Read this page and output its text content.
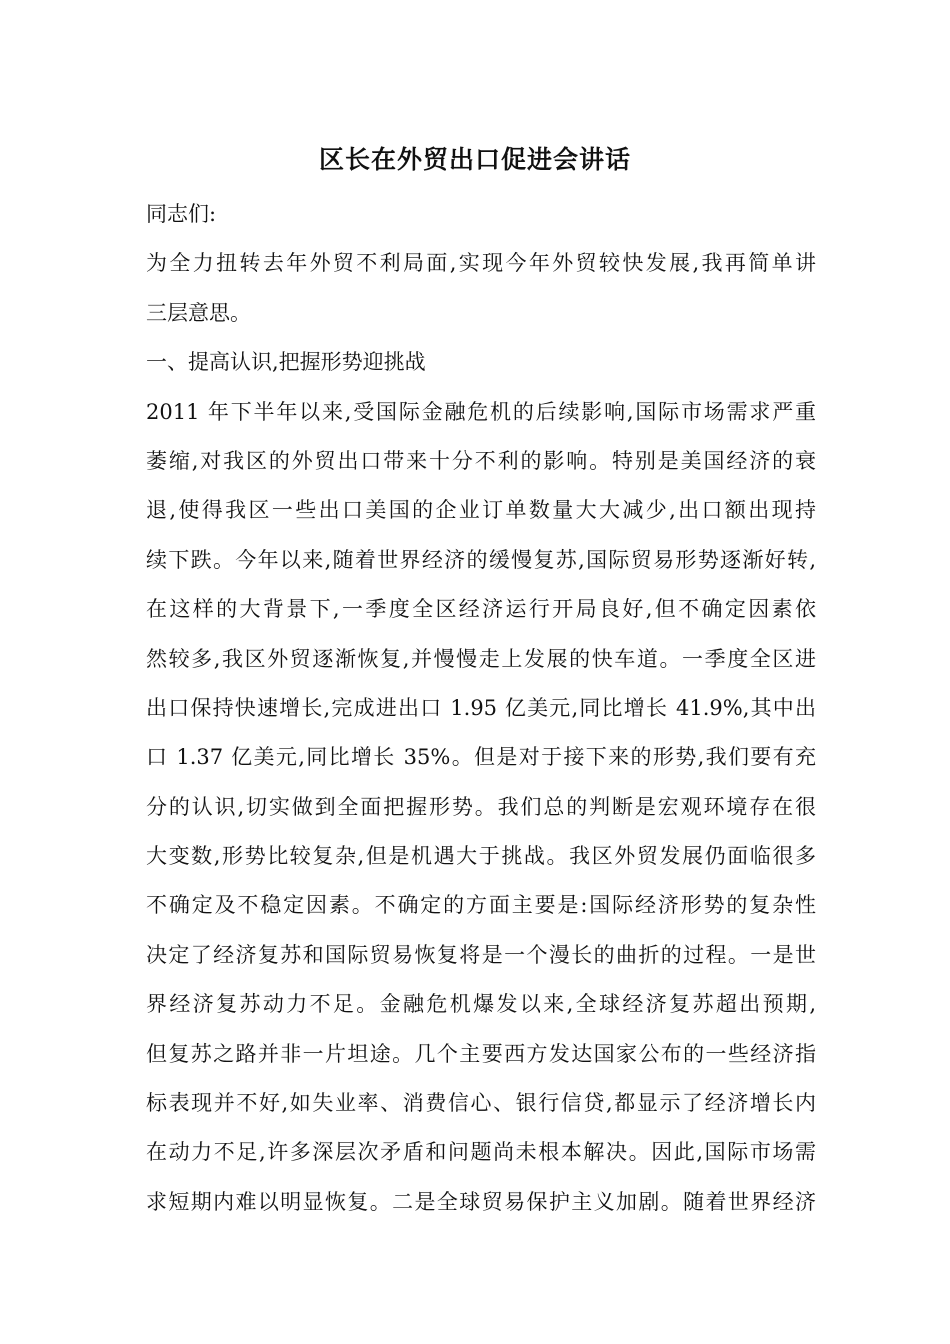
区长在外贸出口促进会讲话
同志们:
为全力扭转去年外贸不利局面,实现今年外贸较快发展,我再简单讲
三层意思。
一、提高认识,把握形势迎挑战
2011 年下半年以来,受国际金融危机的后续影响,国际市场需求严重
萎缩,对我区的外贸出口带来十分不利的影响。特别是美国经济的衰
退,使得我区一些出口美国的企业订单数量大大减少,出口额出现持
续下跌。今年以来,随着世界经济的缓慢复苏,国际贸易形势逐渐好转,
在这样的大背景下,一季度全区经济运行开局良好,但不确定因素依
然较多,我区外贸逐渐恢复,并慢慢走上发展的快车道。一季度全区进
出口保持快速增长,完成进出口 1.95 亿美元,同比增长 41.9%,其中出
口 1.37 亿美元,同比增长 35%。但是对于接下来的形势,我们要有充
分的认识,切实做到全面把握形势。我们总的判断是宏观环境存在很
大变数,形势比较复杂,但是机遇大于挑战。我区外贸发展仍面临很多
不确定及不稳定因素。不确定的方面主要是:国际经济形势的复杂性
决定了经济复苏和国际贸易恢复将是一个漫长的曲折的过程。一是世
界经济复苏动力不足。金融危机爆发以来,全球经济复苏超出预期,
但复苏之路并非一片坦途。几个主要西方发达国家公布的一些经济指
标表现并不好,如失业率、消费信心、银行信贷,都显示了经济增长内
在动力不足,许多深层次矛盾和问题尚未根本解决。因此,国际市场需
求短期内难以明显恢复。二是全球贸易保护主义加剧。随着世界经济
